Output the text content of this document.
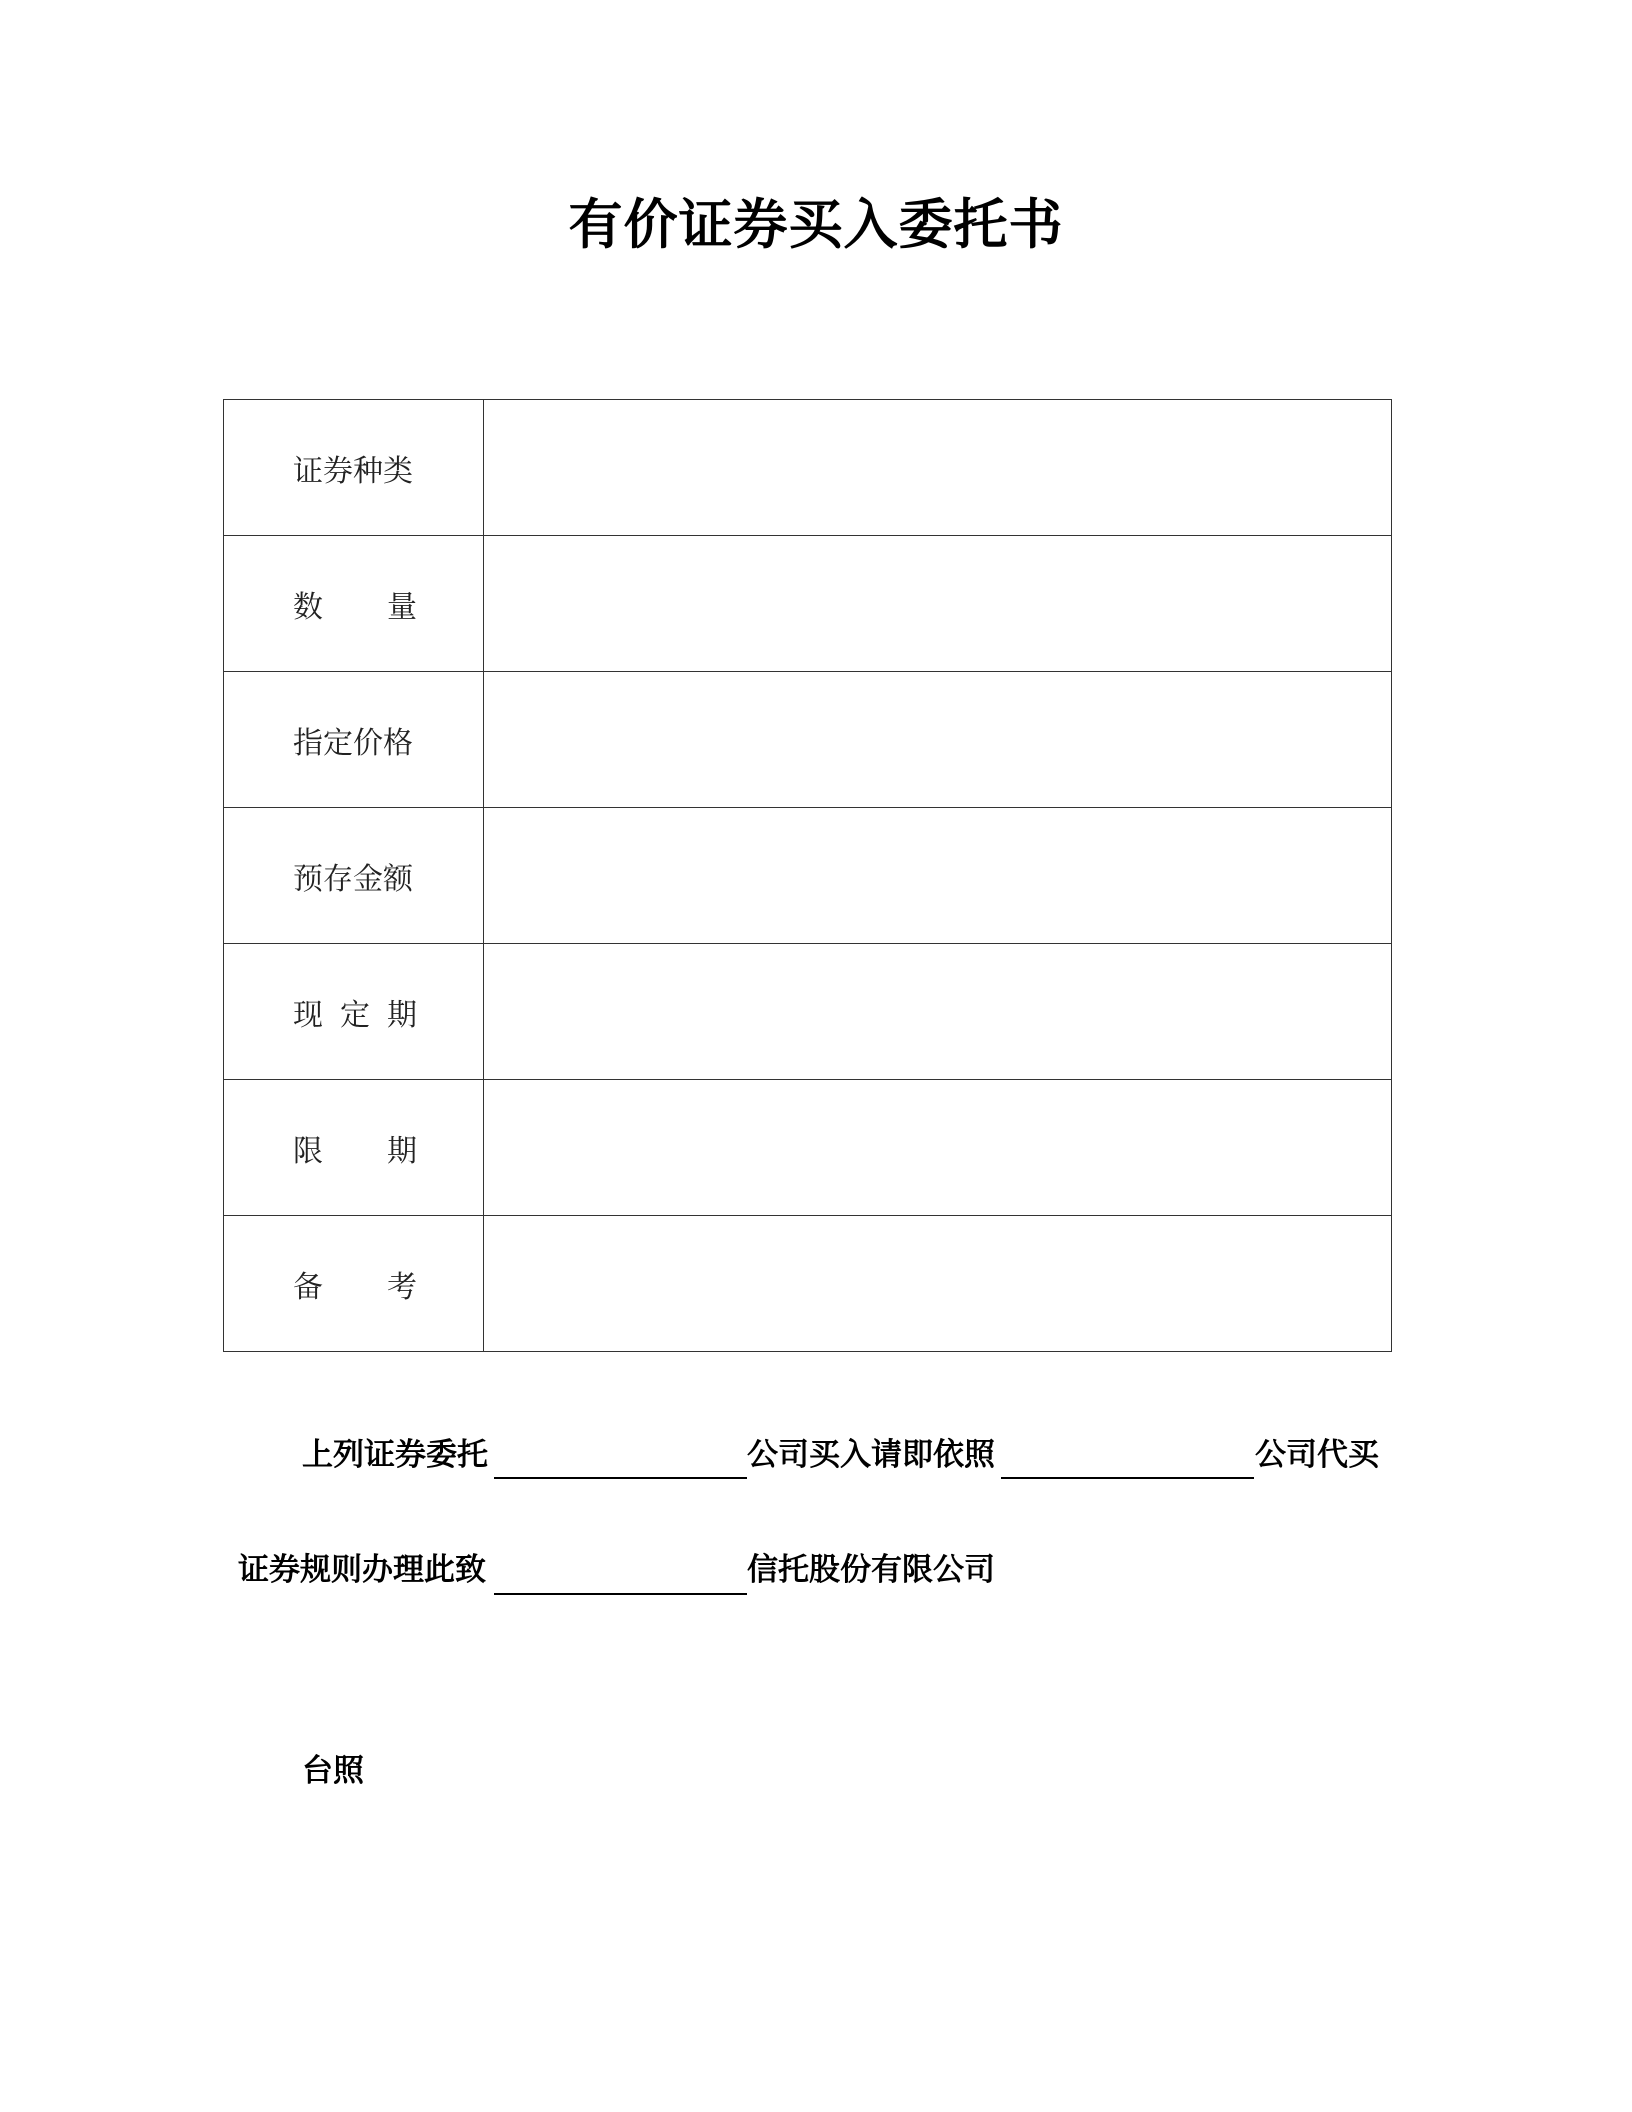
有价证券买入委托书
证券种类	

数 量	

指定价格	

预存金额	

现 定 期	

限 期	

备 考	

上列证券委托	公司买入请即依照	公司代买
证券规则办理此致	信托股份有限公司
台照
